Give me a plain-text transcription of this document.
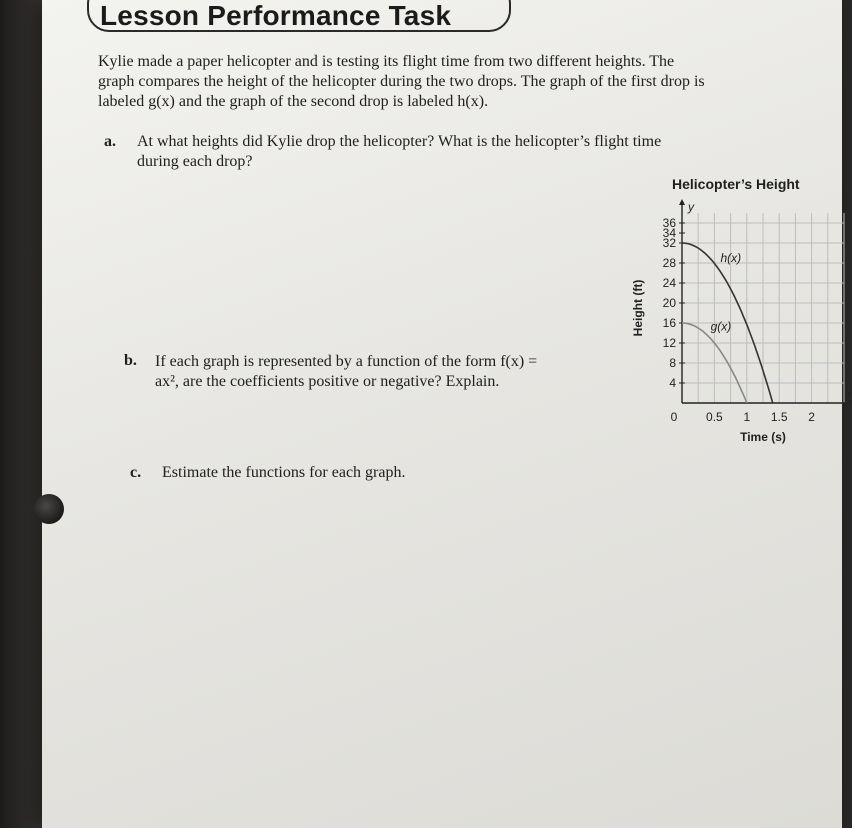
Lesson Performance Task
Kylie made a paper helicopter and is testing its flight time from two different heights. The graph compares the height of the helicopter during the two drops. The graph of the first drop is labeled g(x) and the graph of the second drop is labeled h(x).
a. At what heights did Kylie drop the helicopter? What is the helicopter’s flight time during each drop?
b. If each graph is represented by a function of the form f(x) = ax², are the coefficients positive or negative? Explain.
c. Estimate the functions for each graph.
Helicopter’s Height
4
8
12
16
20
24
28
32
34
36
0 0.5 1 1.5 2
h(x)
g(x)
Time (s)
Height (ft)
x
y
